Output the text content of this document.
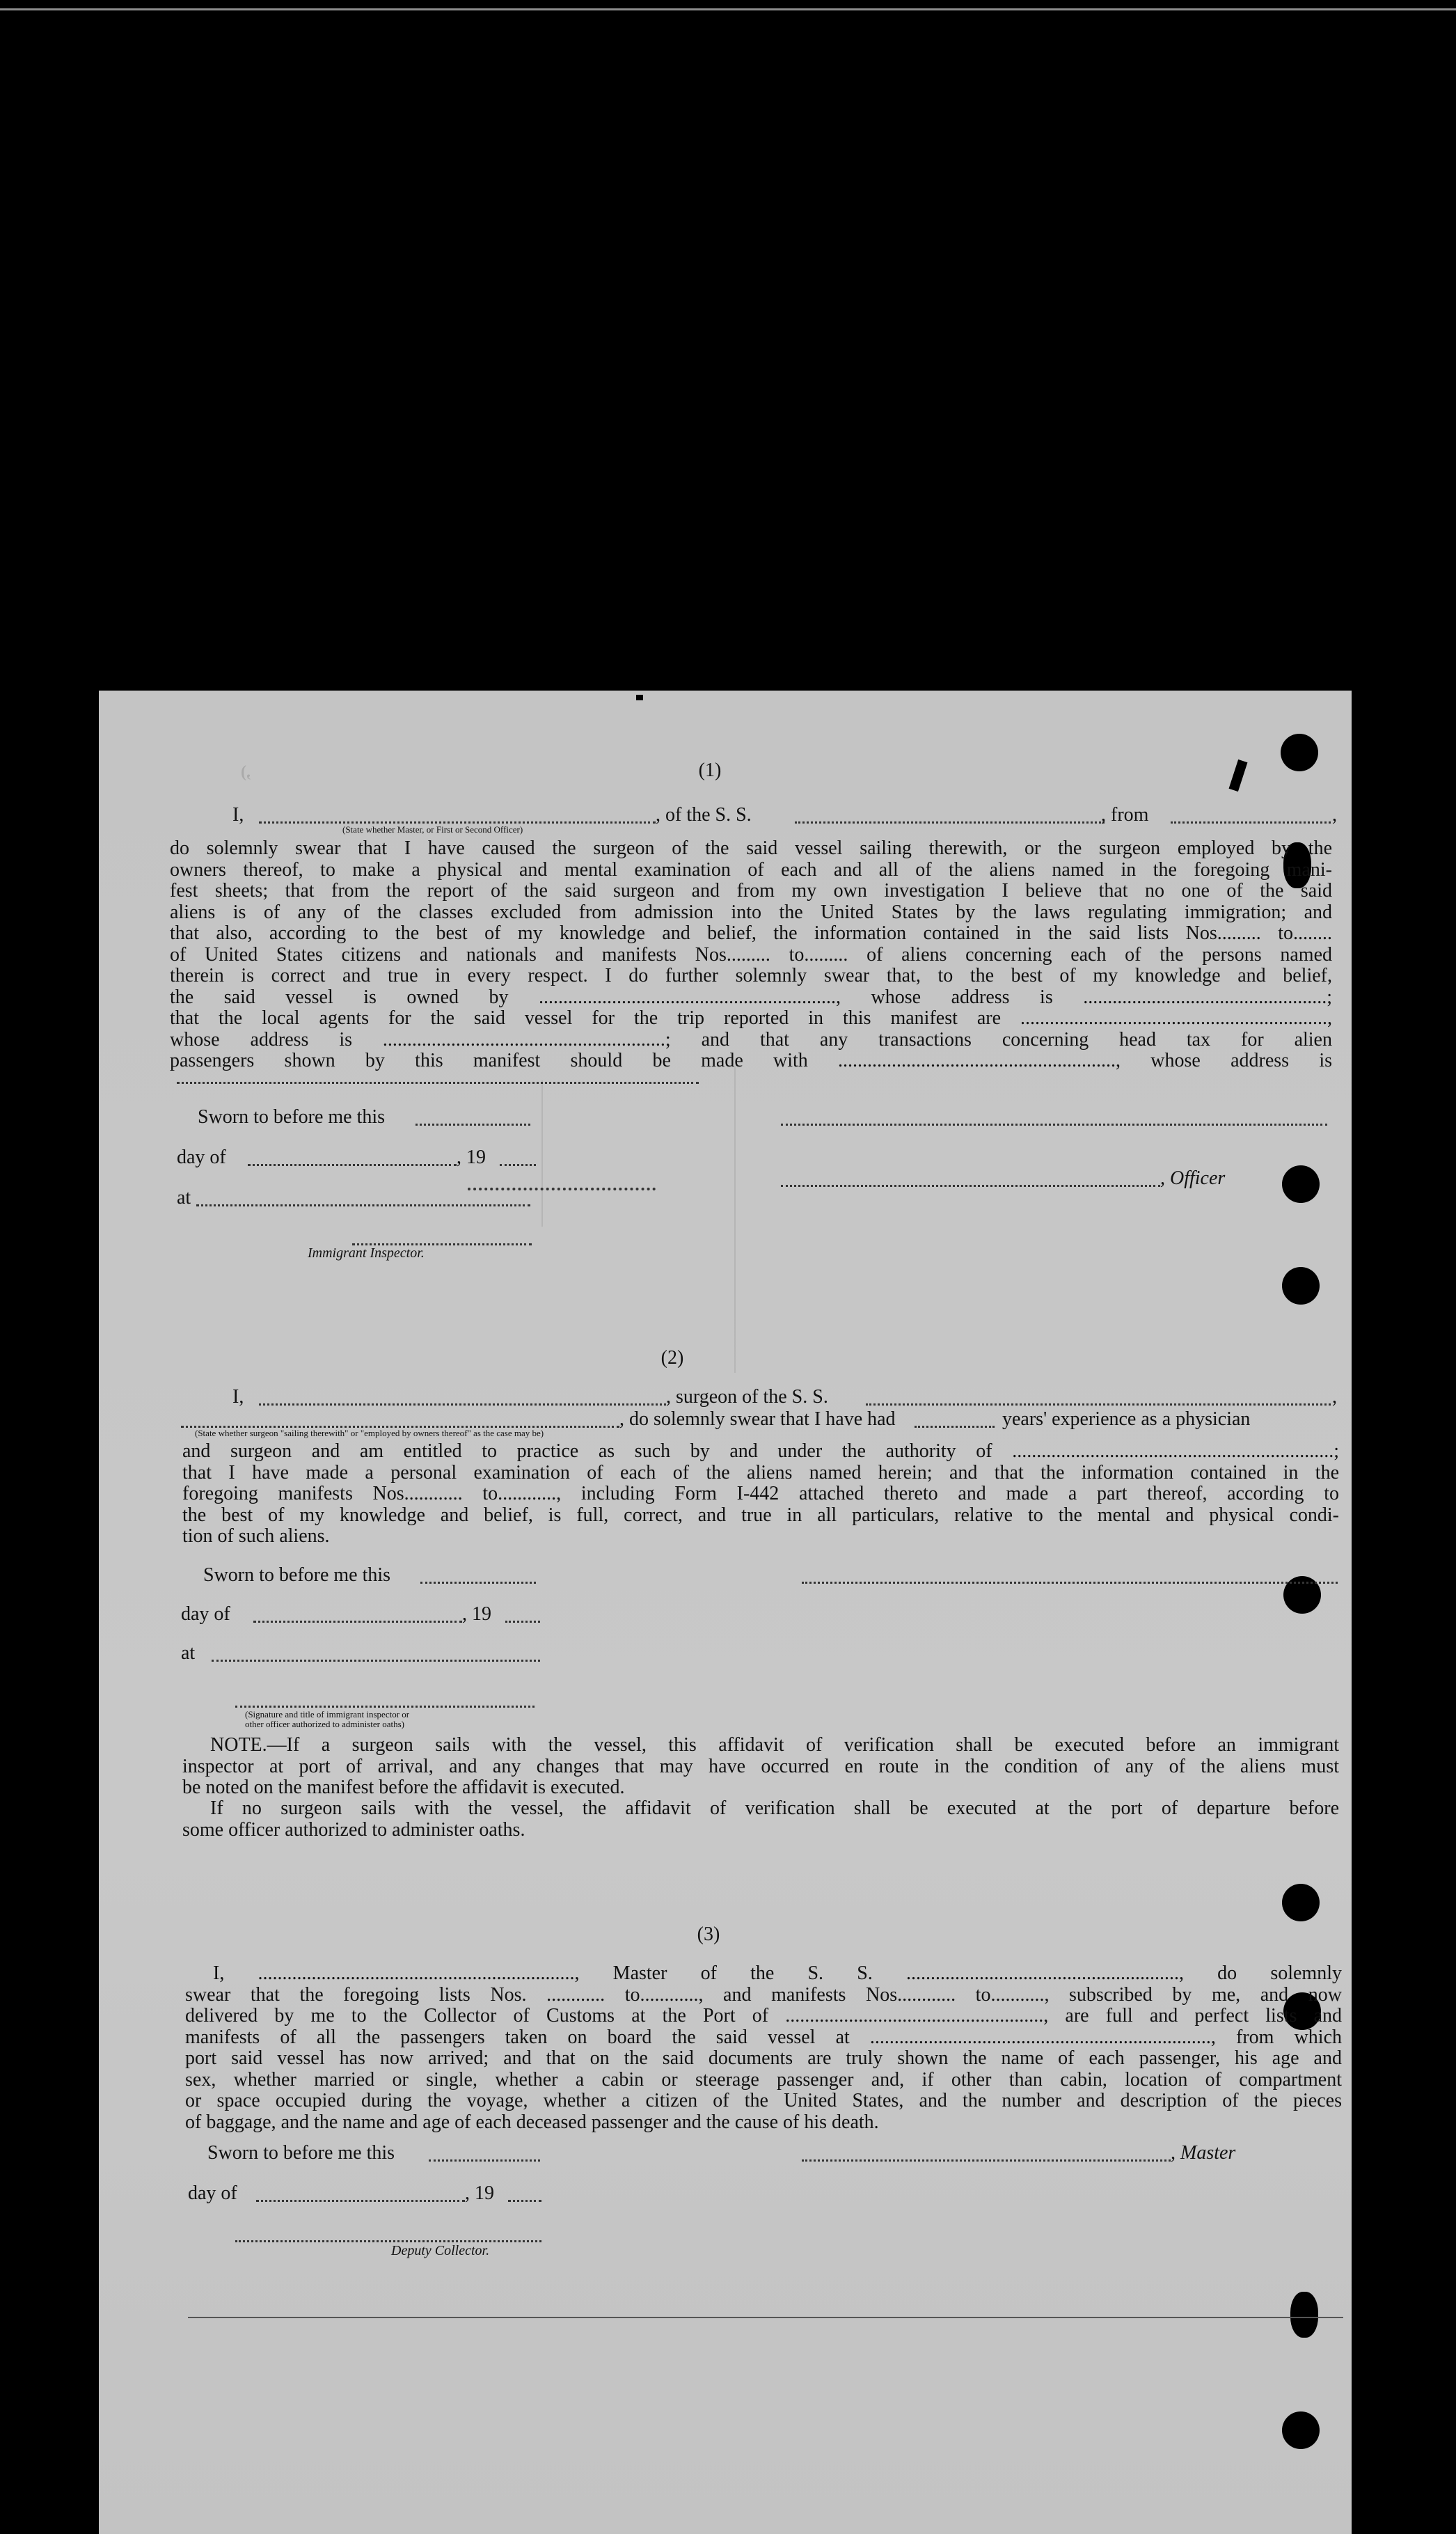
,)	(1)
I,	, of the S. S.	, from	,
(State whether Master, or First or Second Officer)
do solemnly swear that I have caused the surgeon of the said vessel sailing therewith, or the surgeon employed by the
owners thereof, to make a physical and mental examination of each and all of the aliens named in the foregoing mani-
fest sheets; that from the report of the said surgeon and from my own investigation I believe that no one of the said
aliens is of any of the classes excluded from admission into the United States by the laws regulating immigration; and
that also, according to the best of my knowledge and belief, the information contained in the said lists Nos......... to........
of United States citizens and nationals and manifests Nos......... to......... of aliens concerning each of the persons named
therein is correct and true in every respect. I do further solemnly swear that, to the best of my knowledge and belief,
the said vessel is owned by ............................................................., whose address is ..................................................;
that the local agents for the said vessel for the trip reported in this manifest are ...............................................................,
whose address is ..........................................................; and that any transactions concerning head tax for alien
passengers shown by this manifest should be made with ........................................................., whose address is
Sworn to before me this
day of	, 19
, Officer
at
Immigrant Inspector.
(2)
I,	, surgeon of the S. S.	,
, do solemnly swear that I have had	years' experience as a physician
(State whether surgeon "sailing therewith" or "employed by owners thereof" as the case may be)
and surgeon and am entitled to practice as such by and under the authority of ..................................................................;
that I have made a personal examination of each of the aliens named herein; and that the information contained in the
foregoing manifests Nos............ to............, including Form I-442 attached thereto and made a part thereof, according to
the best of my knowledge and belief, is full, correct, and true in all particulars, relative to the mental and physical condi-
tion of such aliens.
Sworn to before me this
day of	, 19
at
(Signature and title of immigrant inspector or
other officer authorized to administer oaths)
NOTE.—If a surgeon sails with the vessel, this affidavit of verification shall be executed before an immigrant
inspector at port of arrival, and any changes that may have occurred en route in the condition of any of the aliens must
be noted on the manifest before the affidavit is executed.
If no surgeon sails with the vessel, the affidavit of verification shall be executed at the port of departure before
some officer authorized to administer oaths.
(3)
I, ................................................................., Master of the S. S. ........................................................, do solemnly
swear that the foregoing lists Nos. ............ to............, and manifests Nos............ to..........., subscribed by me, and now
delivered by me to the Collector of Customs at the Port of ....................................................., are full and perfect lists and
manifests of all the passengers taken on board the said vessel at ......................................................................, from which
port said vessel has now arrived; and that on the said documents are truly shown the name of each passenger, his age and
sex, whether married or single, whether a cabin or steerage passenger and, if other than cabin, location of compartment
or space occupied during the voyage, whether a citizen of the United States, and the number and description of the pieces
of baggage, and the name and age of each deceased passenger and the cause of his death.
Sworn to before me this	, Master
day of	, 19
Deputy Collector.
